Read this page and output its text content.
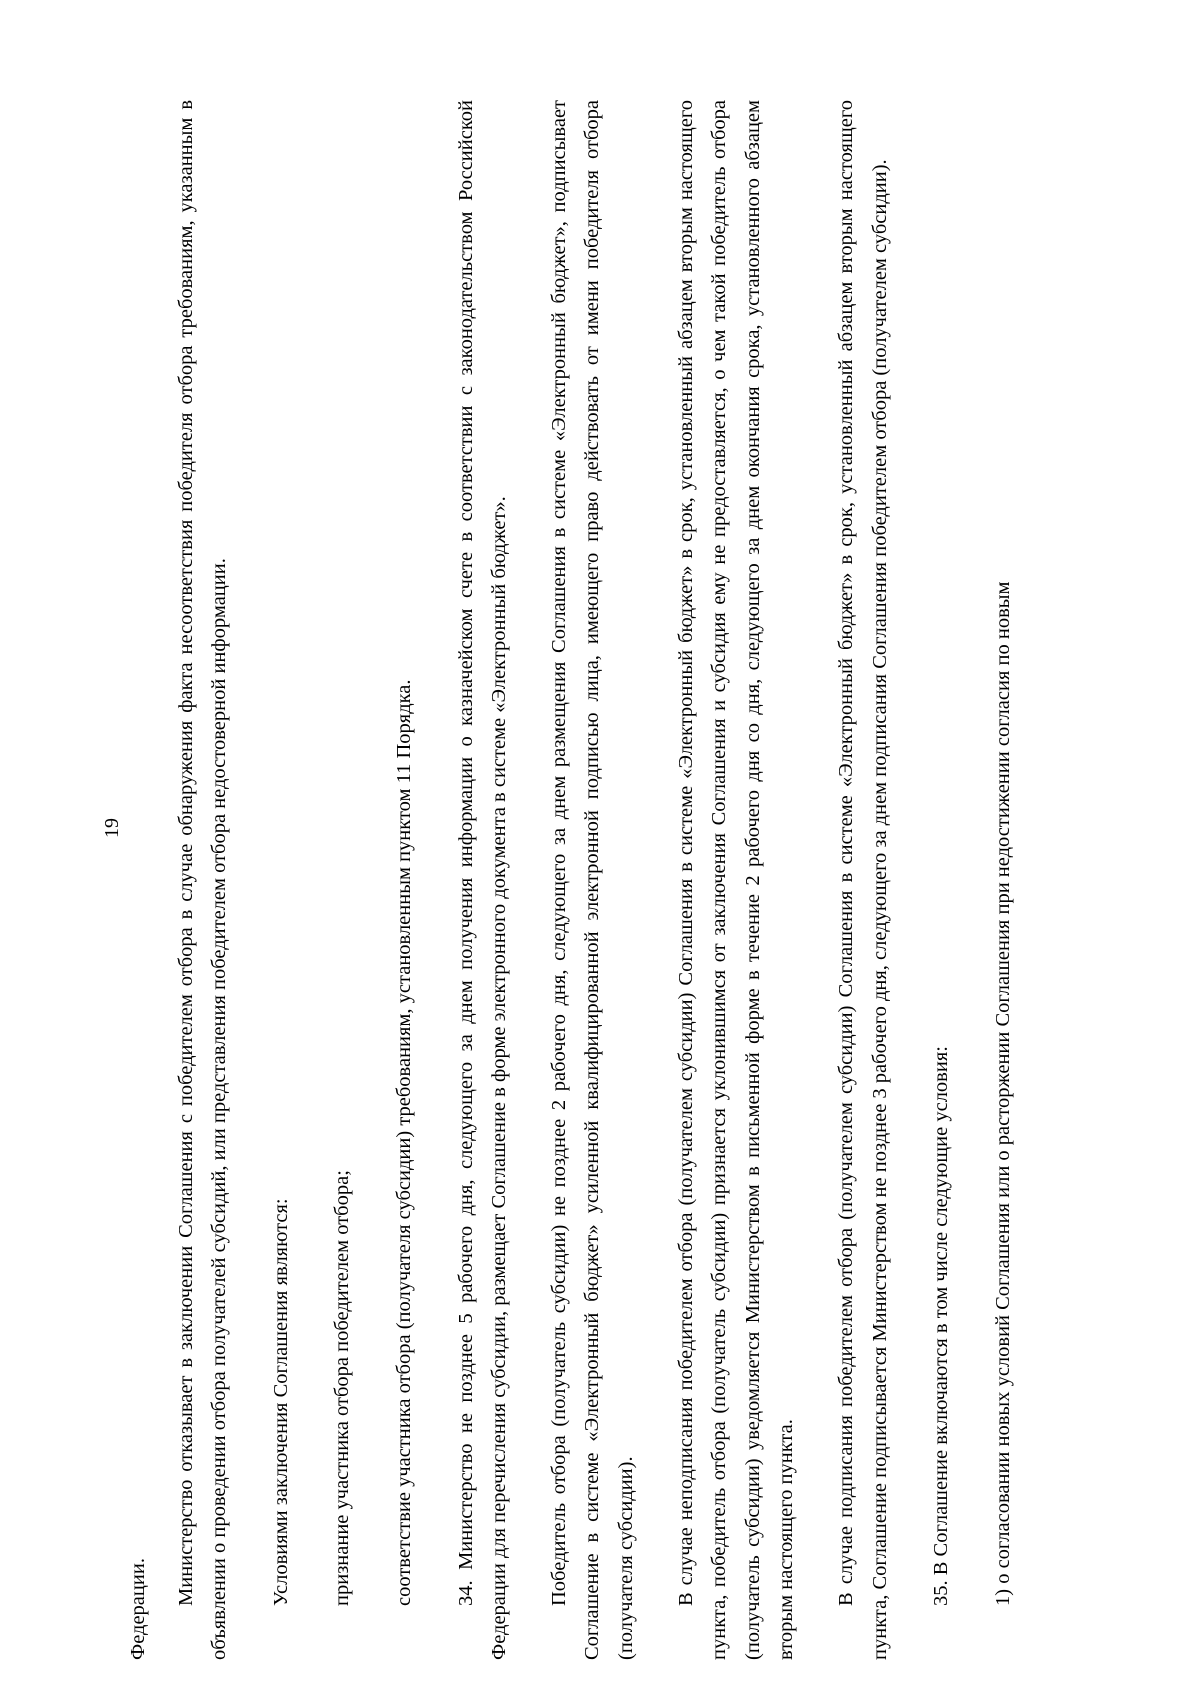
19

Федерации.

Министерство отказывает в заключении Соглашения с победителем отбора в случае обнаружения факта несоответствия победителя отбора требованиям, указанным в объявлении о проведении отбора получателей субсидий, или представления победителем отбора недостоверной информации.	Условиями заключения Соглашения являются:	признание участника отбора победителем отбора;	соответствие участника отбора (получателя субсидии) требованиям, установленным пунктом 11 Порядка.	34. Министерство не позднее 5 рабочего дня, следующего за днем получения информации о казначейском счете в соответствии с законодательством Российской Федерации для перечисления субсидии, размещает Соглашение в форме электронного документа в системе «Электронный бюджет».	Победитель отбора (получатель субсидии) не позднее 2 рабочего дня, следующего за днем размещения Соглашения в системе «Электронный бюджет», подписывает Соглашение в системе «Электронный бюджет» усиленной квалифицированной электронной подписью лица, имеющего право действовать от имени победителя отбора (получателя субсидии).	В случае неподписания победителем отбора (получателем субсидии) Соглашения в системе «Электронный бюджет» в срок, установленный абзацем вторым настоящего пункта, победитель отбора (получатель субсидии) признается уклонившимся от заключения Соглашения и субсидия ему не предоставляется, о чем такой победитель отбора (получатель субсидии) уведомляется Министерством в письменной форме в течение 2 рабочего дня со дня, следующего за днем окончания срока, установленного абзацем вторым настоящего пункта.	В случае подписания победителем отбора (получателем субсидии) Соглашения в системе «Электронный бюджет» в срок, установленный абзацем вторым настоящего пункта, Соглашение подписывается Министерством не позднее 3 рабочего дня, следующего за днем подписания Соглашения победителем отбора (получателем субсидии).	35. В Соглашение включаются в том числе следующие условия:	1) о согласовании новых условий Соглашения или о расторжении Соглашения при недостижении согласия по новым
